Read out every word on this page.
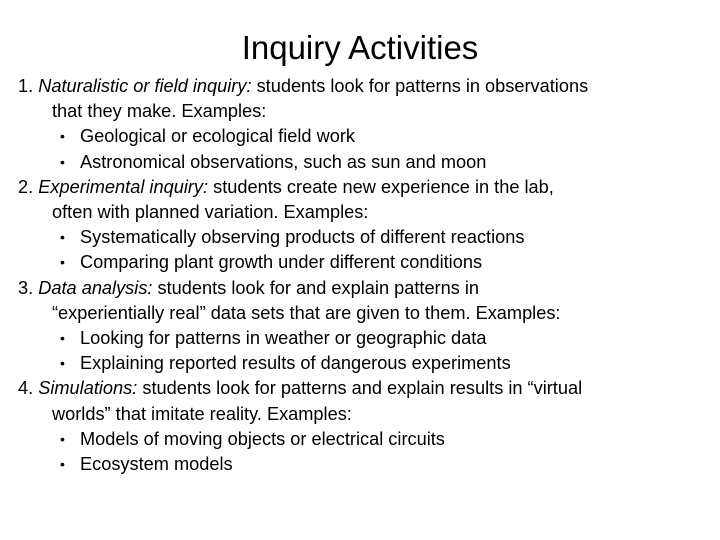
Inquiry Activities
1. Naturalistic or field inquiry: students look for patterns in observations
that they make. Examples:
• Geological or ecological field work
• Astronomical observations, such as sun and moon
2. Experimental inquiry: students create new experience in the lab,
often with planned variation. Examples:
• Systematically observing products of different reactions
• Comparing plant growth under different conditions
3. Data analysis: students look for and explain patterns in
“experientially real” data sets that are given to them. Examples:
• Looking for patterns in weather or geographic data
• Explaining reported results of dangerous experiments
4. Simulations: students look for patterns and explain results in “virtual
worlds” that imitate reality. Examples:
• Models of moving objects or electrical circuits
• Ecosystem models
